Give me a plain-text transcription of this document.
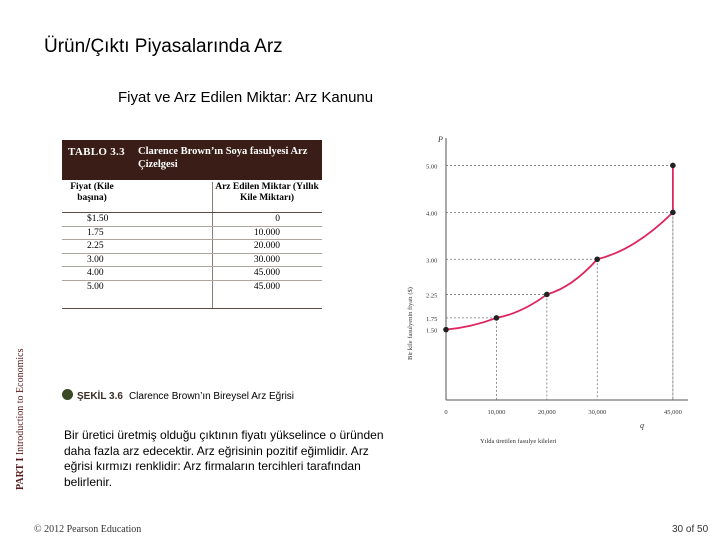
Ürün/Çıktı Piyasalarında Arz
Fiyat ve Arz Edilen Miktar: Arz Kanunu
PART I Introduction to Economics
TABLO 3.3 Clarence Brown’ın Soya fasulyesi Arz Çizelgesi
Fiyat (Kile başına)
Arz Edilen Miktar (Yıllık Kile Miktarı)
$1.50	0
1.75	10.000
2.25	20.000
3.00	30.000
4.00	45.000
5.00	45.000
ŞEKİL 3.6 Clarence Brown’ın Bireysel Arz Eğrisi
Bir üretici üretmiş olduğu çıktının fiyatı yükselince o üründen daha fazla arz edecektir. Arz eğrisinin pozitif eğimlidir. Arz eğrisi kırmızı renklidir: Arz firmaların tercihleri tarafından belirlenir.
P
q
1.50
1.75
2.25
3.00
4.00
5.00
0	10,000	20,000	30,000	45,000
Bir kile fasulyenin fiyatı ($)
Yılda üretilen fasulye kileleri
© 2012 Pearson Education	30 of 50
